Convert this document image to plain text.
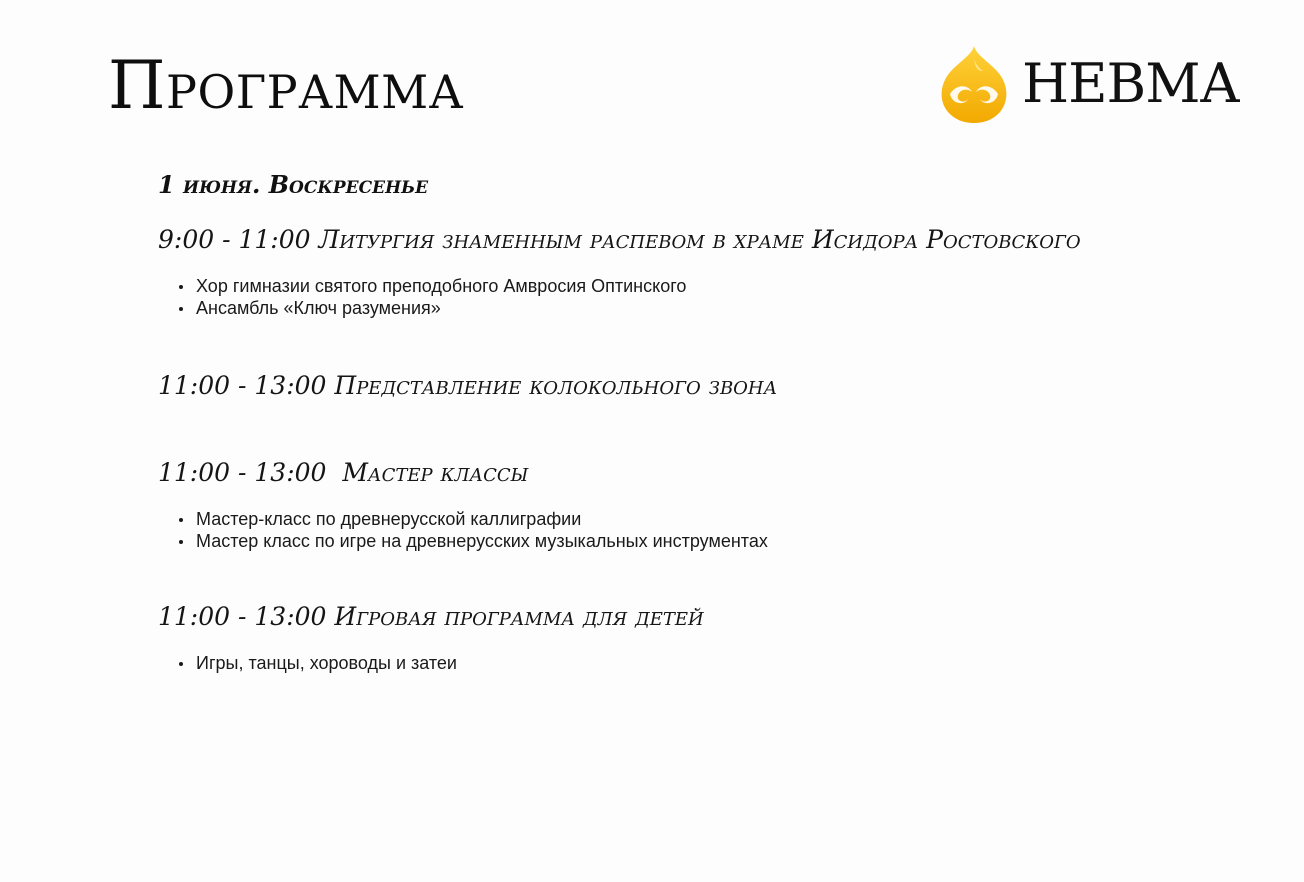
Программа	НЕВМА
1 июня. Воскресенье
9:00 - 11:00 Литургия знаменным распевом в храме Исидора Ростовского
Хор гимназии святого преподобного Амвросия Оптинского
Ансамбль «Ключ разумения»
11:00 - 13:00 Представление колокольного звона
11:00 - 13:00  Мастер классы
Мастер-класс по древнерусской каллиграфии
Мастер класс по игре на древнерусских музыкальных инструментах
11:00 - 13:00 Игровая программа для детей
Игры, танцы, хороводы и затеи
